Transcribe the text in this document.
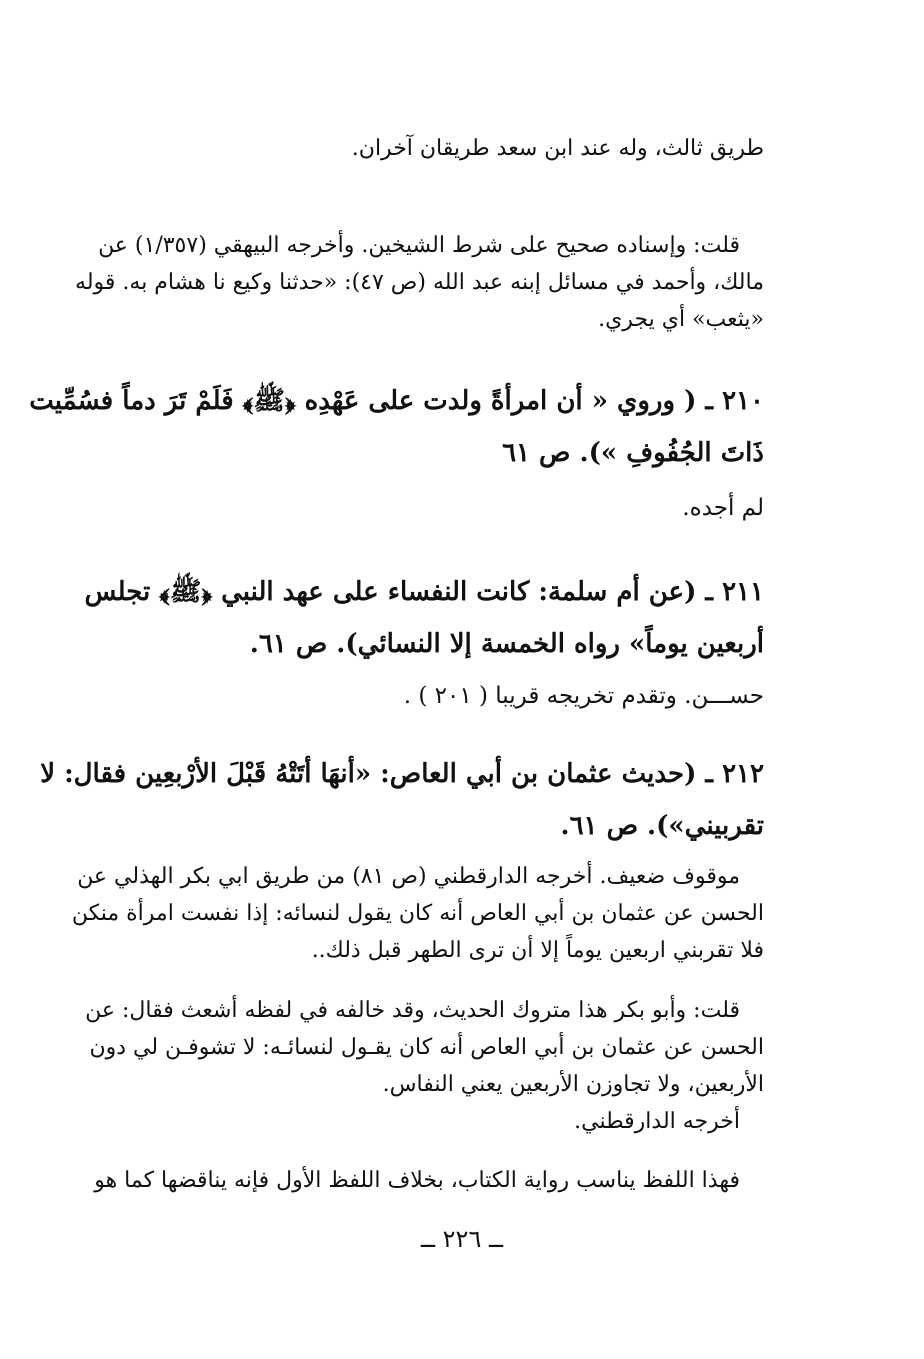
طريق ثالث، وله عند ابن سعد طريقان آخران.

قلت: وإسناده صحيح على شرط الشيخين. وأخرجه البيهقي (١/٣٥٧) عن
مالك، وأحمد في مسائل إبنه عبد الله (ص ٤٧): «حدثنا وكيع نا هشام به. قوله
«يثعب» أي يجري.

٢١٠ ـ ( وروي « أن امرأةً ولدت على عَهْدِه ﴿ﷺ﴾ فَلَمْ تَرَ دماً فسُمِّيت
ذَاتَ الجُفُوفِ »). ص ٦١

لم أجده.

٢١١ ـ (عن أم سلمة: كانت النفساء على عهد النبي ﴿ﷺ﴾ تجلس
أربعين يوماً» رواه الخمسة إلا النسائي). ص ٦١.

حســـن. وتقدم تخريجه قريبا ( ٢٠١ ) .

٢١٢ ـ (حديث عثمان بن أبي العاص: «أنهَا أتَتْهُ قَبْلَ الأرْبعِين فقال: لا
تقربيني»). ص ٦١.

موقوف ضعيف. أخرجه الدارقطني (ص ٨١) من طريق ابي بكر الهذلي عن
الحسن عن عثمان بن أبي العاص أنه كان يقول لنسائه: إذا نفست امرأة منكن
فلا تقربني اربعين يوماً إلا أن ترى الطهر قبل ذلك..

قلت: وأبو بكر هذا متروك الحديث، وقد خالفه في لفظه أشعث فقال: عن
الحسن عن عثمان بن أبي العاص أنه كان يقـول لنسائـه: لا تشوفـن لي دون
الأربعين، ولا تجاوزن الأربعين يعني النفاس.
أخرجه الدارقطني.

فهذا اللفظ يناسب رواية الكتاب، بخلاف اللفظ الأول فإنه يناقضها كما هو

ــ ٢٢٦ ــ
